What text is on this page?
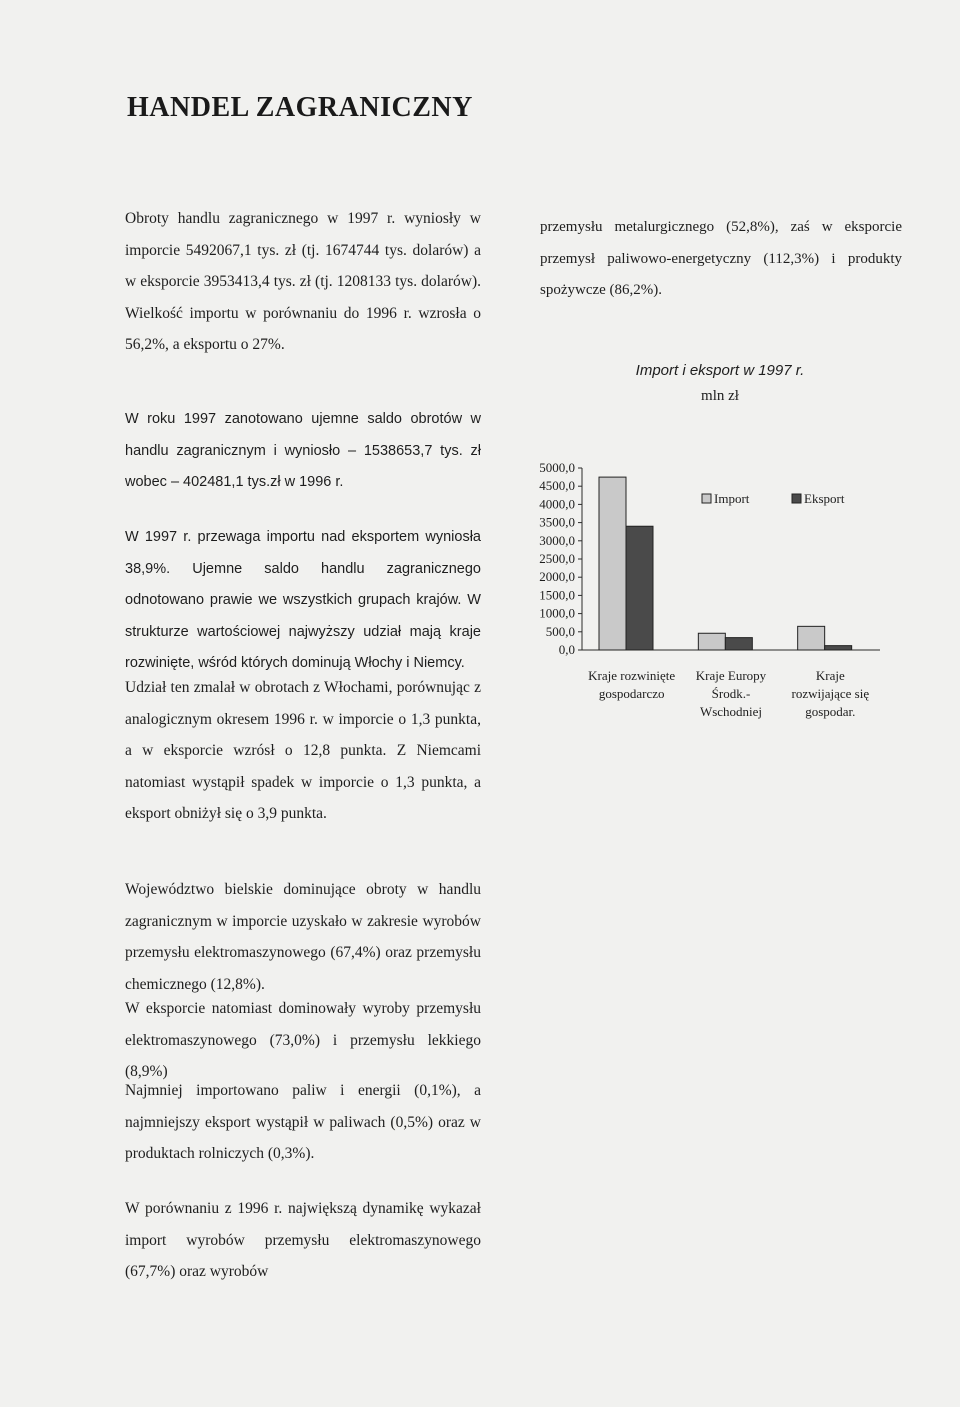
HANDEL ZAGRANICZNY

Obroty handlu zagranicznego w 1997 r. wyniosły w imporcie 5492067,1 tys. zł (tj. 1674744 tys. dolarów) a w eksporcie 3953413,4 tys. zł (tj. 1208133 tys. dolarów). Wielkość importu w porównaniu do 1996 r. wzrosła o 56,2%, a eksportu o 27%.

W roku 1997 zanotowano ujemne saldo obrotów w handlu zagranicznym i wyniosło – 1538653,7 tys. zł wobec – 402481,1 tys.zł w 1996 r.

W 1997 r. przewaga importu nad eksportem wyniosła 38,9%. Ujemne saldo handlu zagranicznego odnotowano prawie we wszystkich grupach krajów. W strukturze wartościowej najwyższy udział mają kraje rozwinięte, wśród których dominują Włochy i Niemcy.

Udział ten zmalał w obrotach z Włochami, porównując z analogicznym okresem 1996 r. w imporcie o 1,3 punkta, a w eksporcie wzrósł o 12,8 punkta. Z Niemcami natomiast wystąpił spadek w imporcie o 1,3 punkta, a eksport obniżył się o 3,9 punkta.

Województwo bielskie dominujące obroty w handlu zagranicznym w imporcie uzyskało w zakresie wyrobów przemysłu elektromaszynowego (67,4%) oraz przemysłu chemicznego (12,8%).

W eksporcie natomiast dominowały wyroby przemysłu elektromaszynowego (73,0%) i przemysłu lekkiego (8,9%)

Najmniej importowano paliw i energii (0,1%), a najmniejszy eksport wystąpił w paliwach (0,5%) oraz w produktach rolniczych (0,3%).

W porównaniu z 1996 r. największą dynamikę wykazał import wyrobów przemysłu elektromaszynowego (67,7%) oraz wyrobów

przemysłu metalurgicznego (52,8%), zaś w eksporcie przemysł paliwowo-energetyczny (112,3%) i produkty spożywcze (86,2%).

Import i eksport w 1997 r.
mln zł
5000,0
4500,0
4000,0
3500,0
3000,0
2500,0
2000,0
1500,0
1000,0
500,0
0,0
Kraje rozwinięte
gospodarczo
Kraje Europy
Środk.-
Wschodniej
Kraje
rozwijające się
gospodar.
Import	Eksport
